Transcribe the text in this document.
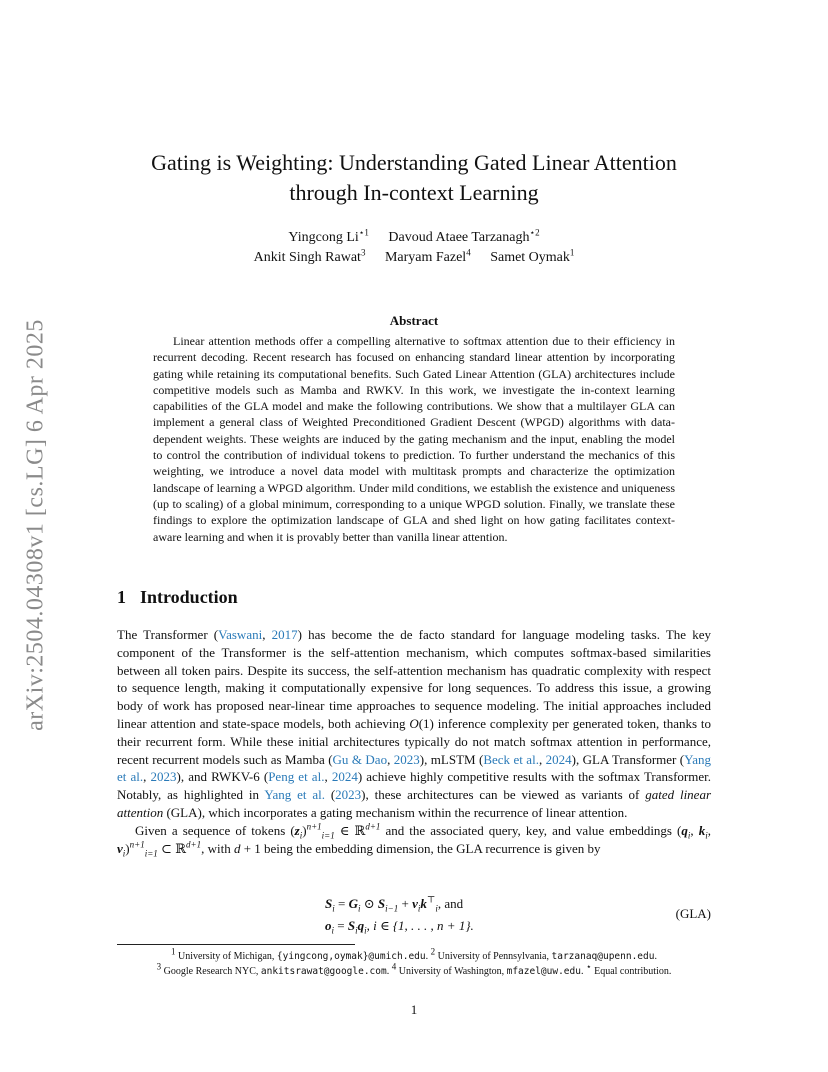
arXiv:2504.04308v1 [cs.LG] 6 Apr 2025
Gating is Weighting: Understanding Gated Linear Attention
through In-context Learning
Yingcong $Li^{⋆1}$ Davoud Ataee Tarzanagh$^{⋆2}$
Ankit Singh Rawat$^3$ Maryam Fazel$^4$ Samet Oymak$^1$
Abstract
Linear attention methods offer a compelling alternative to softmax attention due to their efficiency in recurrent decoding. Recent research has focused on enhancing standard linear attention by incorporating gating while retaining its computational benefits. Such Gated Linear Attention (GLA) architectures include competitive models such as Mamba and RWKV. In this work, we investigate the in-context learning capabilities of the GLA model and make the following contributions. We show that a multilayer GLA can implement a general class of Weighted Preconditioned Gradient Descent (WPGD) algorithms with data-dependent weights. These weights are induced by the gating mechanism and the input, enabling the model to control the contribution of individual tokens to prediction. To further understand the mechanics of this weighting, we introduce a novel data model with multitask prompts and characterize the optimization landscape of learning a WPGD algorithm. Under mild conditions, we establish the existence and uniqueness (up to scaling) of a global minimum, corresponding to a unique WPGD solution. Finally, we translate these findings to explore the optimization landscape of GLA and shed light on how gating facilitates context-aware learning and when it is provably better than vanilla linear attention.
1 Introduction

The Transformer (Vaswani, 2017) has become the de facto standard for language modeling tasks. The key component of the Transformer is the self-attention mechanism, which computes softmax-based similarities between all token pairs. Despite its success, the self-attention mechanism has quadratic complexity with respect to sequence length, making it computationally expensive for long sequences. To address this issue, a growing body of work has proposed near-linear time approaches to sequence modeling. The initial approaches included linear attention and state-space models, both achieving O(1) inference complexity per generated token, thanks to their recurrent form. While these initial architectures typically do not match softmax attention in performance, recent recurrent models such as Mamba (Gu & Dao, 2023), mLSTM (Beck et al., 2024), GLA Transformer (Yang et al., 2023), and RWKV-6 (Peng et al., 2024) achieve highly competitive results with the softmax Transformer. Notably, as highlighted in Yang et al. (2023), these architectures can be viewed as variants of gated linear attention (GLA), which incorporates a gating mechanism within the recurrence of linear attention.

Given a sequence of tokens $(z_i)^{n+1}_{i=1}$ ∈ ℝ$^{d+1}$ and the associated query, key, and value embeddings ($q_i$, $k_i$, $v_i)^{n+1}_{i=1}$ ⊂ ℝ$^{d+1}$, with d + 1 being the embedding dimension, the GLA recurrence is given by

$S_i = G_i$ ⊙ $S_{i-1} + v_ik^⊤_i$, and
$o_i = S_iq_i$, i ∈ {1, . . . , n + 1}.
(GLA)
$^1$ University of Michigan, {yingcong,oymak}@umich.edu. $^2$ University of Pennsylvania, tarzanaq@upenn.edu.
$^3$ Google Research NYC, ankitsrawat@google.com. $^4$ University of Washington, mfazel@uw.edu. ⋆ Equal contribution.
1
